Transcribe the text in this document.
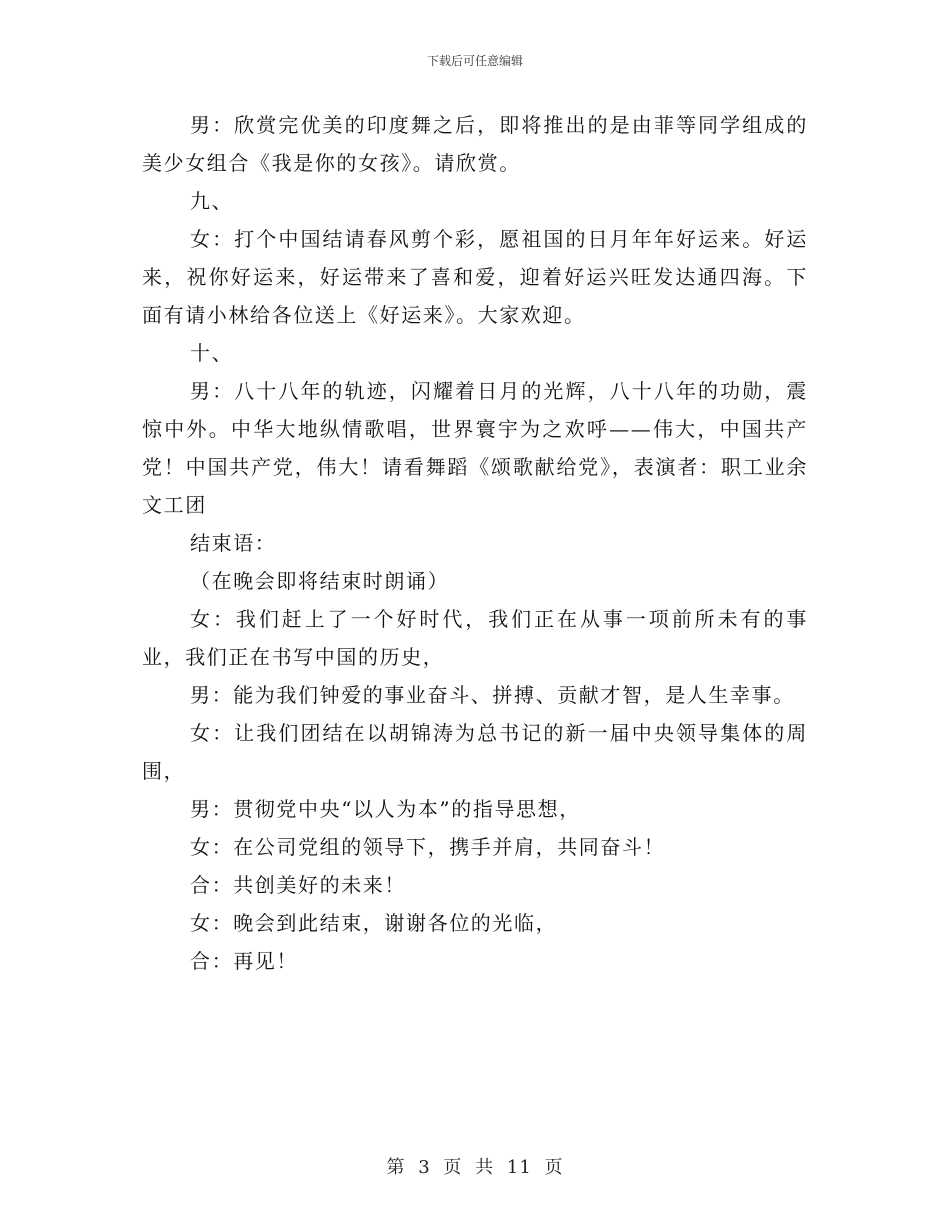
下载后可任意编辑

男：欣赏完优美的印度舞之后，即将推出的是由菲等同学组成的美少女组合《我是你的女孩》。请欣赏。

九、

女：打个中国结请春风剪个彩，愿祖国的日月年年好运来。好运来，祝你好运来，好运带来了喜和爱，迎着好运兴旺发达通四海。下面有请小林给各位送上《好运来》。大家欢迎。

十、

男：八十八年的轨迹，闪耀着日月的光辉，八十八年的功勋，震惊中外。中华大地纵情歌唱，世界寰宇为之欢呼——伟大，中国共产党！中国共产党，伟大！请看舞蹈《颂歌献给党》，表演者：职工业余文工团

结束语：

（在晚会即将结束时朗诵）

女：我们赶上了一个好时代，我们正在从事一项前所未有的事业，我们正在书写中国的历史，

男：能为我们钟爱的事业奋斗、拼搏、贡献才智，是人生幸事。

女：让我们团结在以胡锦涛为总书记的新一届中央领导集体的周围，

男：贯彻党中央“以人为本”的指导思想，

女：在公司党组的领导下，携手并肩，共同奋斗！

合：共创美好的未来！

女：晚会到此结束，谢谢各位的光临，

合：再见！

第 3 页 共 11 页
